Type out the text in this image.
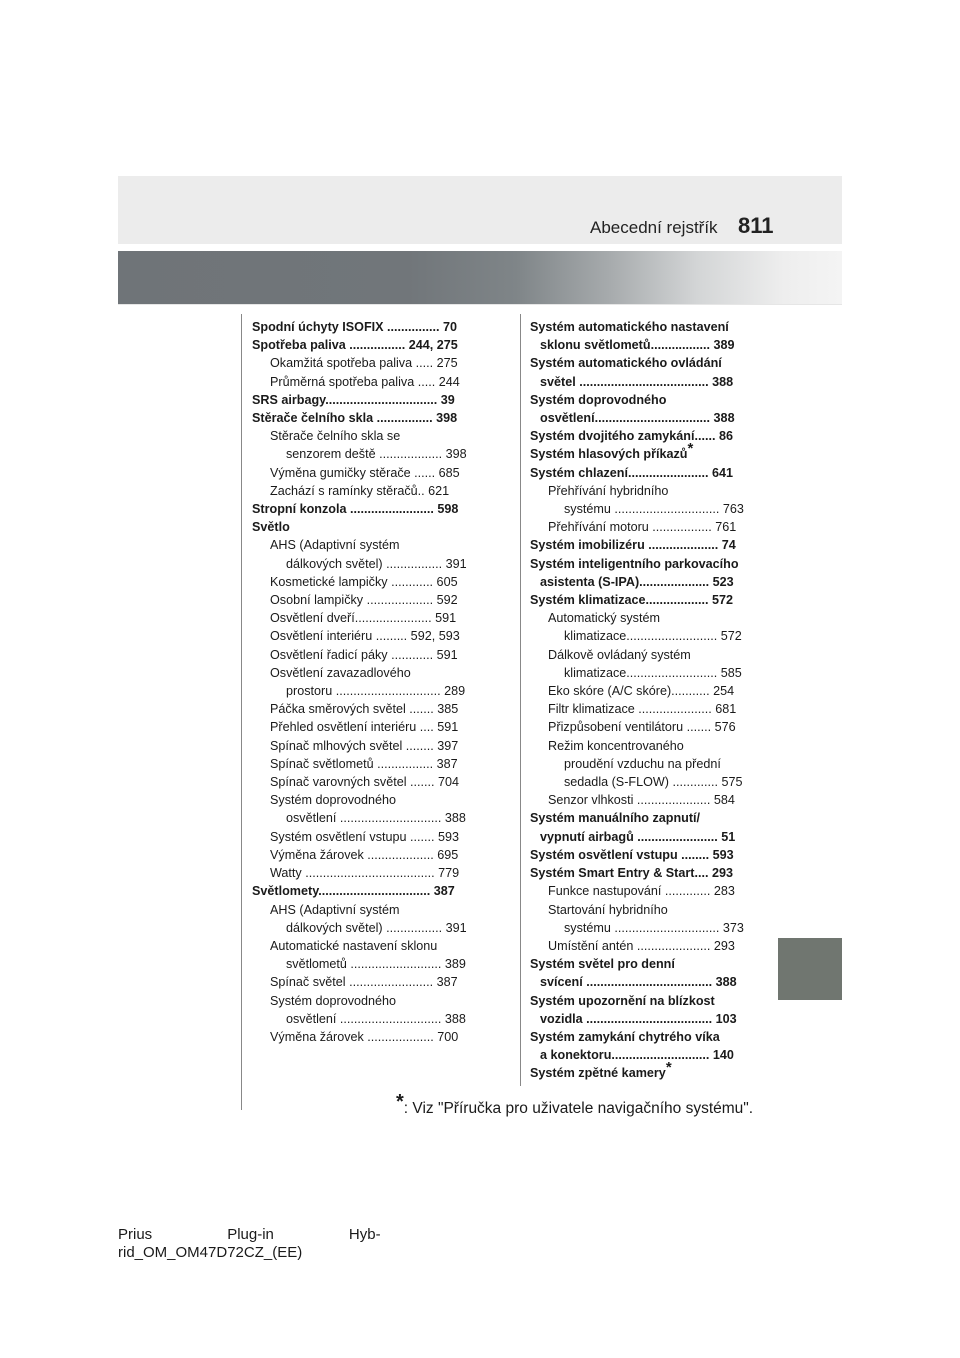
Abecední rejstřík 811
Spodní úchyty ISOFIX ............... 70
Spotřeba paliva ................ 244, 275
Okamžitá spotřeba paliva ..... 275
Průměrná spotřeba paliva ..... 244
SRS airbagy................................ 39
Stěrače čelního skla ................ 398
Stěrače čelního skla se
senzorem deště .................. 398
Výměna gumičky stěrače ...... 685
Zachází s ramínky stěračů.. 621
Stropní konzola ........................ 598
Světlo
AHS (Adaptivní systém
dálkových světel) ................ 391
Kosmetické lampičky ............ 605
Osobní lampičky ................... 592
Osvětlení dveří...................... 591
Osvětlení interiéru ......... 592, 593
Osvětlení řadicí páky ............ 591
Osvětlení zavazadlového
prostoru .............................. 289
Páčka směrových světel ....... 385
Přehled osvětlení interiéru .... 591
Spínač mlhových světel ........ 397
Spínač světlometů ................ 387
Spínač varovných světel ....... 704
Systém doprovodného
osvětlení ............................. 388
Systém osvětlení vstupu ....... 593
Výměna žárovek ................... 695
Watty ..................................... 779
Světlomety................................ 387
AHS (Adaptivní systém
dálkových světel) ................ 391
Automatické nastavení sklonu
světlometů .......................... 389
Spínač světel ........................ 387
Systém doprovodného
osvětlení ............................. 388
Výměna žárovek ................... 700
Systém automatického nastavení
sklonu světlometů................. 389
Systém automatického ovládání
světel ..................................... 388
Systém doprovodného
osvětlení................................. 388
Systém dvojitého zamykání...... 86
Systém hlasových příkazů*
Systém chlazení....................... 641
Přehřívání hybridního
systému .............................. 763
Přehřívání motoru ................. 761
Systém imobilizéru .................... 74
Systém inteligentního parkovacího
asistenta (S-IPA).................... 523
Systém klimatizace.................. 572
Automatický systém
klimatizace.......................... 572
Dálkově ovládaný systém
klimatizace.......................... 585
Eko skóre (A/C skóre)........... 254
Filtr klimatizace ..................... 681
Přizpůsobení ventilátoru ....... 576
Režim koncentrovaného
proudění vzduchu na přední
sedadla (S-FLOW) ............. 575
Senzor vlhkosti ..................... 584
Systém manuálního zapnutí/
vypnutí airbagů ....................... 51
Systém osvětlení vstupu ........ 593
Systém Smart Entry & Start.... 293
Funkce nastupování ............. 283
Startování hybridního
systému .............................. 373
Umístění antén ..................... 293
Systém světel pro denní
svícení .................................... 388
Systém upozornění na blízkost
vozidla .................................... 103
Systém zamykání chytrého víka
a konektoru............................ 140
Systém zpětné kamery*
*: Viz "Příručka pro uživatele navigačního systému".
Prius                  Plug-in                  Hyb-
rid_OM_OM47D72CZ_(EE)
